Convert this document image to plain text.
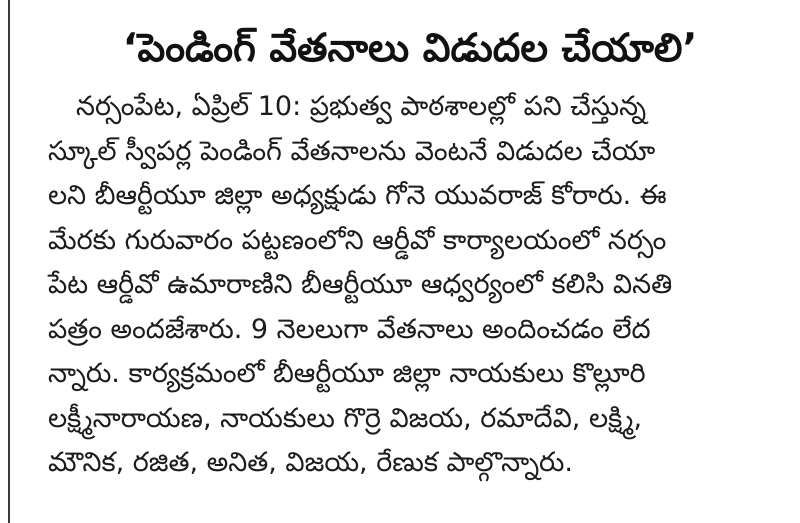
‘పెండింగ్ వేతనాలు విడుదల చేయాలి’
నర్సంపేట, ఏప్రిల్ 10: ప్రభుత్వ పాఠశాలల్లో పని చేస్తున్న
స్కూల్ స్వీపర్ల పెండింగ్ వేతనాలను వెంటనే విడుదల చేయా
లని బీఆర్టీయూ జిల్లా అధ్యక్షుడు గోనె యువరాజ్ కోరారు. ఈ
మేరకు గురువారం పట్టణంలోని ఆర్డీవో కార్యాలయంలో నర్సం
పేట ఆర్డీవో ఉమారాణిని బీఆర్టీయూ ఆధ్వర్యంలో కలిసి వినతి
పత్రం అందజేశారు. 9 నెలలుగా వేతనాలు అందించడం లేద
న్నారు. కార్యక్రమంలో బీఆర్టీయూ జిల్లా నాయకులు కొల్లూరి
లక్ష్మీనారాయణ, నాయకులు గొర్రె విజయ, రమాదేవి, లక్ష్మి,
మౌనిక, రజిత, అనిత, విజయ, రేణుక పాల్గొన్నారు.
